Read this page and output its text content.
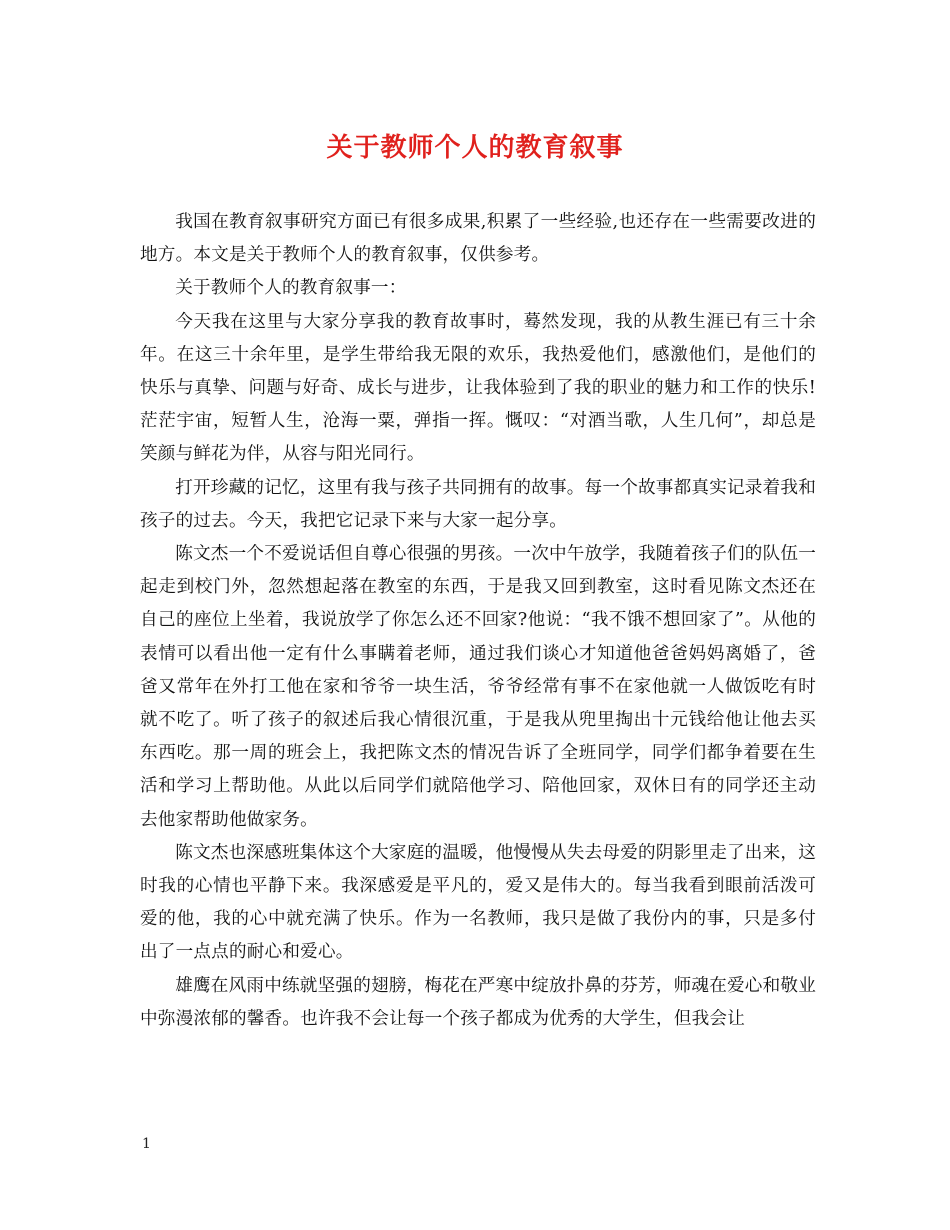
关于教师个人的教育叙事

我国在教育叙事研究方面已有很多成果,积累了一些经验,也还存在一些需要改进的地方。本文是关于教师个人的教育叙事，仅供参考。

关于教师个人的教育叙事一：

今天我在这里与大家分享我的教育故事时，蓦然发现，我的从教生涯已有三十余年。在这三十余年里，是学生带给我无限的欢乐，我热爱他们，感激他们，是他们的快乐与真挚、问题与好奇、成长与进步，让我体验到了我的职业的魅力和工作的快乐!茫茫宇宙，短暂人生，沧海一粟，弹指一挥。慨叹：“对酒当歌，人生几何”，却总是笑颜与鲜花为伴，从容与阳光同行。

打开珍藏的记忆，这里有我与孩子共同拥有的故事。每一个故事都真实记录着我和孩子的过去。今天，我把它记录下来与大家一起分享。

陈文杰一个不爱说话但自尊心很强的男孩。一次中午放学，我随着孩子们的队伍一起走到校门外，忽然想起落在教室的东西，于是我又回到教室，这时看见陈文杰还在自己的座位上坐着，我说放学了你怎么还不回家?他说：“我不饿不想回家了”。从他的表情可以看出他一定有什么事瞒着老师，通过我们谈心才知道他爸爸妈妈离婚了，爸爸又常年在外打工他在家和爷爷一块生活，爷爷经常有事不在家他就一人做饭吃有时就不吃了。听了孩子的叙述后我心情很沉重，于是我从兜里掏出十元钱给他让他去买东西吃。那一周的班会上，我把陈文杰的情况告诉了全班同学，同学们都争着要在生活和学习上帮助他。从此以后同学们就陪他学习、陪他回家，双休日有的同学还主动去他家帮助他做家务。

陈文杰也深感班集体这个大家庭的温暖，他慢慢从失去母爱的阴影里走了出来，这时我的心情也平静下来。我深感爱是平凡的，爱又是伟大的。每当我看到眼前活泼可爱的他，我的心中就充满了快乐。作为一名教师，我只是做了我份内的事，只是多付出了一点点的耐心和爱心。

雄鹰在风雨中练就坚强的翅膀，梅花在严寒中绽放扑鼻的芬芳，师魂在爱心和敬业中弥漫浓郁的馨香。也许我不会让每一个孩子都成为优秀的大学生，但我会让

1
